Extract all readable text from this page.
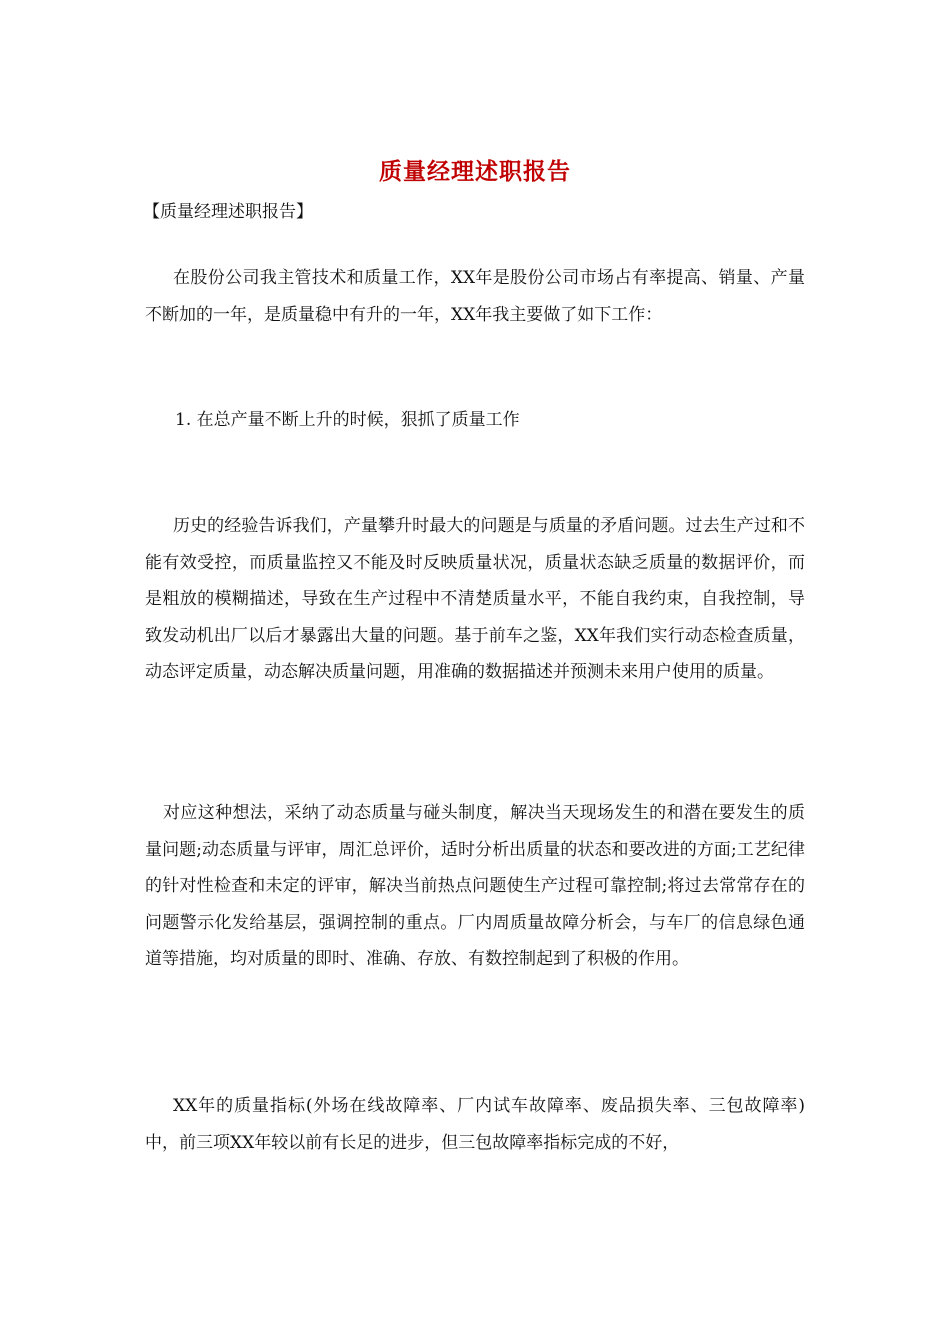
质量经理述职报告
【质量经理述职报告】

在股份公司我主管技术和质量工作，XX年是股份公司市场占有率提高、销量、产量不断加的一年，是质量稳中有升的一年，XX年我主要做了如下工作：

1. 在总产量不断上升的时候，狠抓了质量工作

历史的经验告诉我们，产量攀升时最大的问题是与质量的矛盾问题。过去生产过和不能有效受控，而质量监控又不能及时反映质量状况，质量状态缺乏质量的数据评价，而是粗放的模糊描述，导致在生产过程中不清楚质量水平，不能自我约束，自我控制，导致发动机出厂以后才暴露出大量的问题。基于前车之鉴，XX年我们实行动态检查质量，动态评定质量，动态解决质量问题，用准确的数据描述并预测未来用户使用的质量。

对应这种想法，采纳了动态质量与碰头制度，解决当天现场发生的和潜在要发生的质量问题;动态质量与评审，周汇总评价，适时分析出质量的状态和要改进的方面;工艺纪律的针对性检查和未定的评审，解决当前热点问题使生产过程可靠控制;将过去常常存在的问题警示化发给基层，强调控制的重点。厂内周质量故障分析会，与车厂的信息绿色通道等措施，均对质量的即时、准确、存放、有数控制起到了积极的作用。

XX年的质量指标(外场在线故障率、厂内试车故障率、废品损失率、三包故障率)中，前三项XX年较以前有长足的进步，但三包故障率指标完成的不好，
